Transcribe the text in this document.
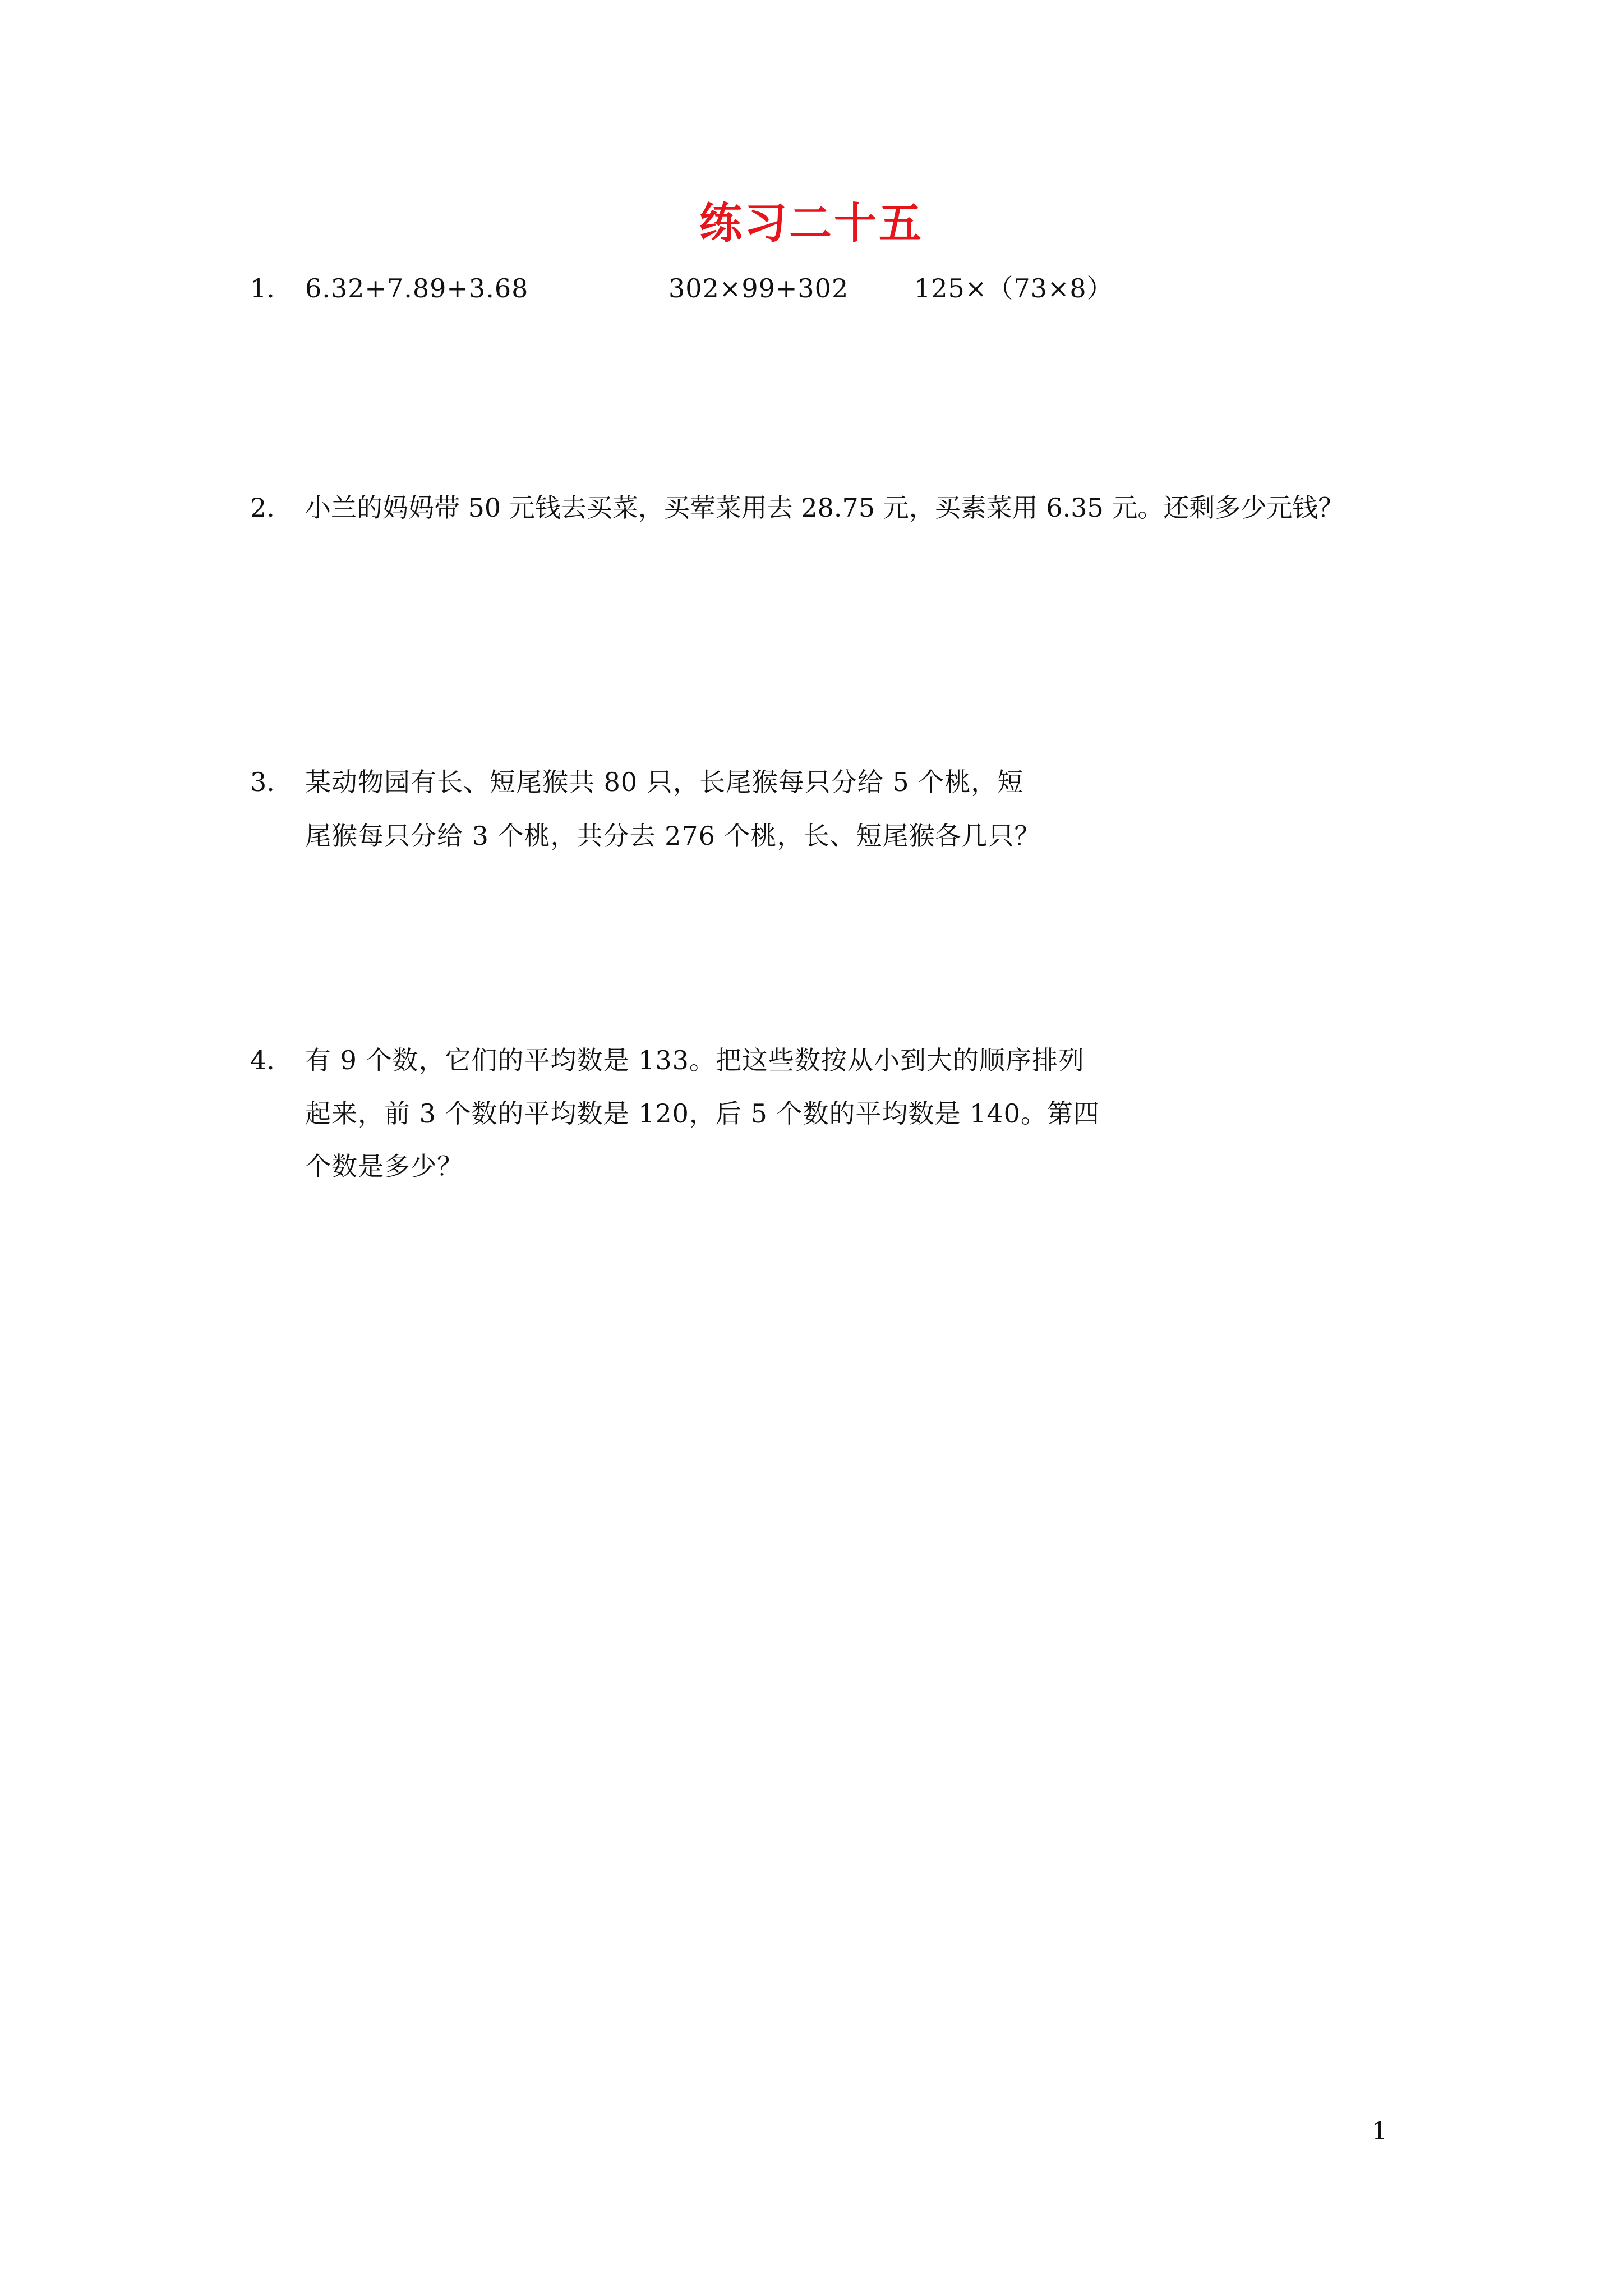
练习二十五
1. 6.32+7.89+3.68	302×99+302	125×（73×8）
2. 小兰的妈妈带 50 元钱去买菜，买荤菜用去 28.75 元，买素菜用 6.35 元。还剩多少元钱？
3. 某动物园有长、短尾猴共 80 只，长尾猴每只分给 5 个桃，短
尾猴每只分给 3 个桃，共分去 276 个桃，长、短尾猴各几只？
4. 有 9 个数，它们的平均数是 133。把这些数按从小到大的顺序排列
起来，前 3 个数的平均数是 120，后 5 个数的平均数是 140。第四
个数是多少？
1
